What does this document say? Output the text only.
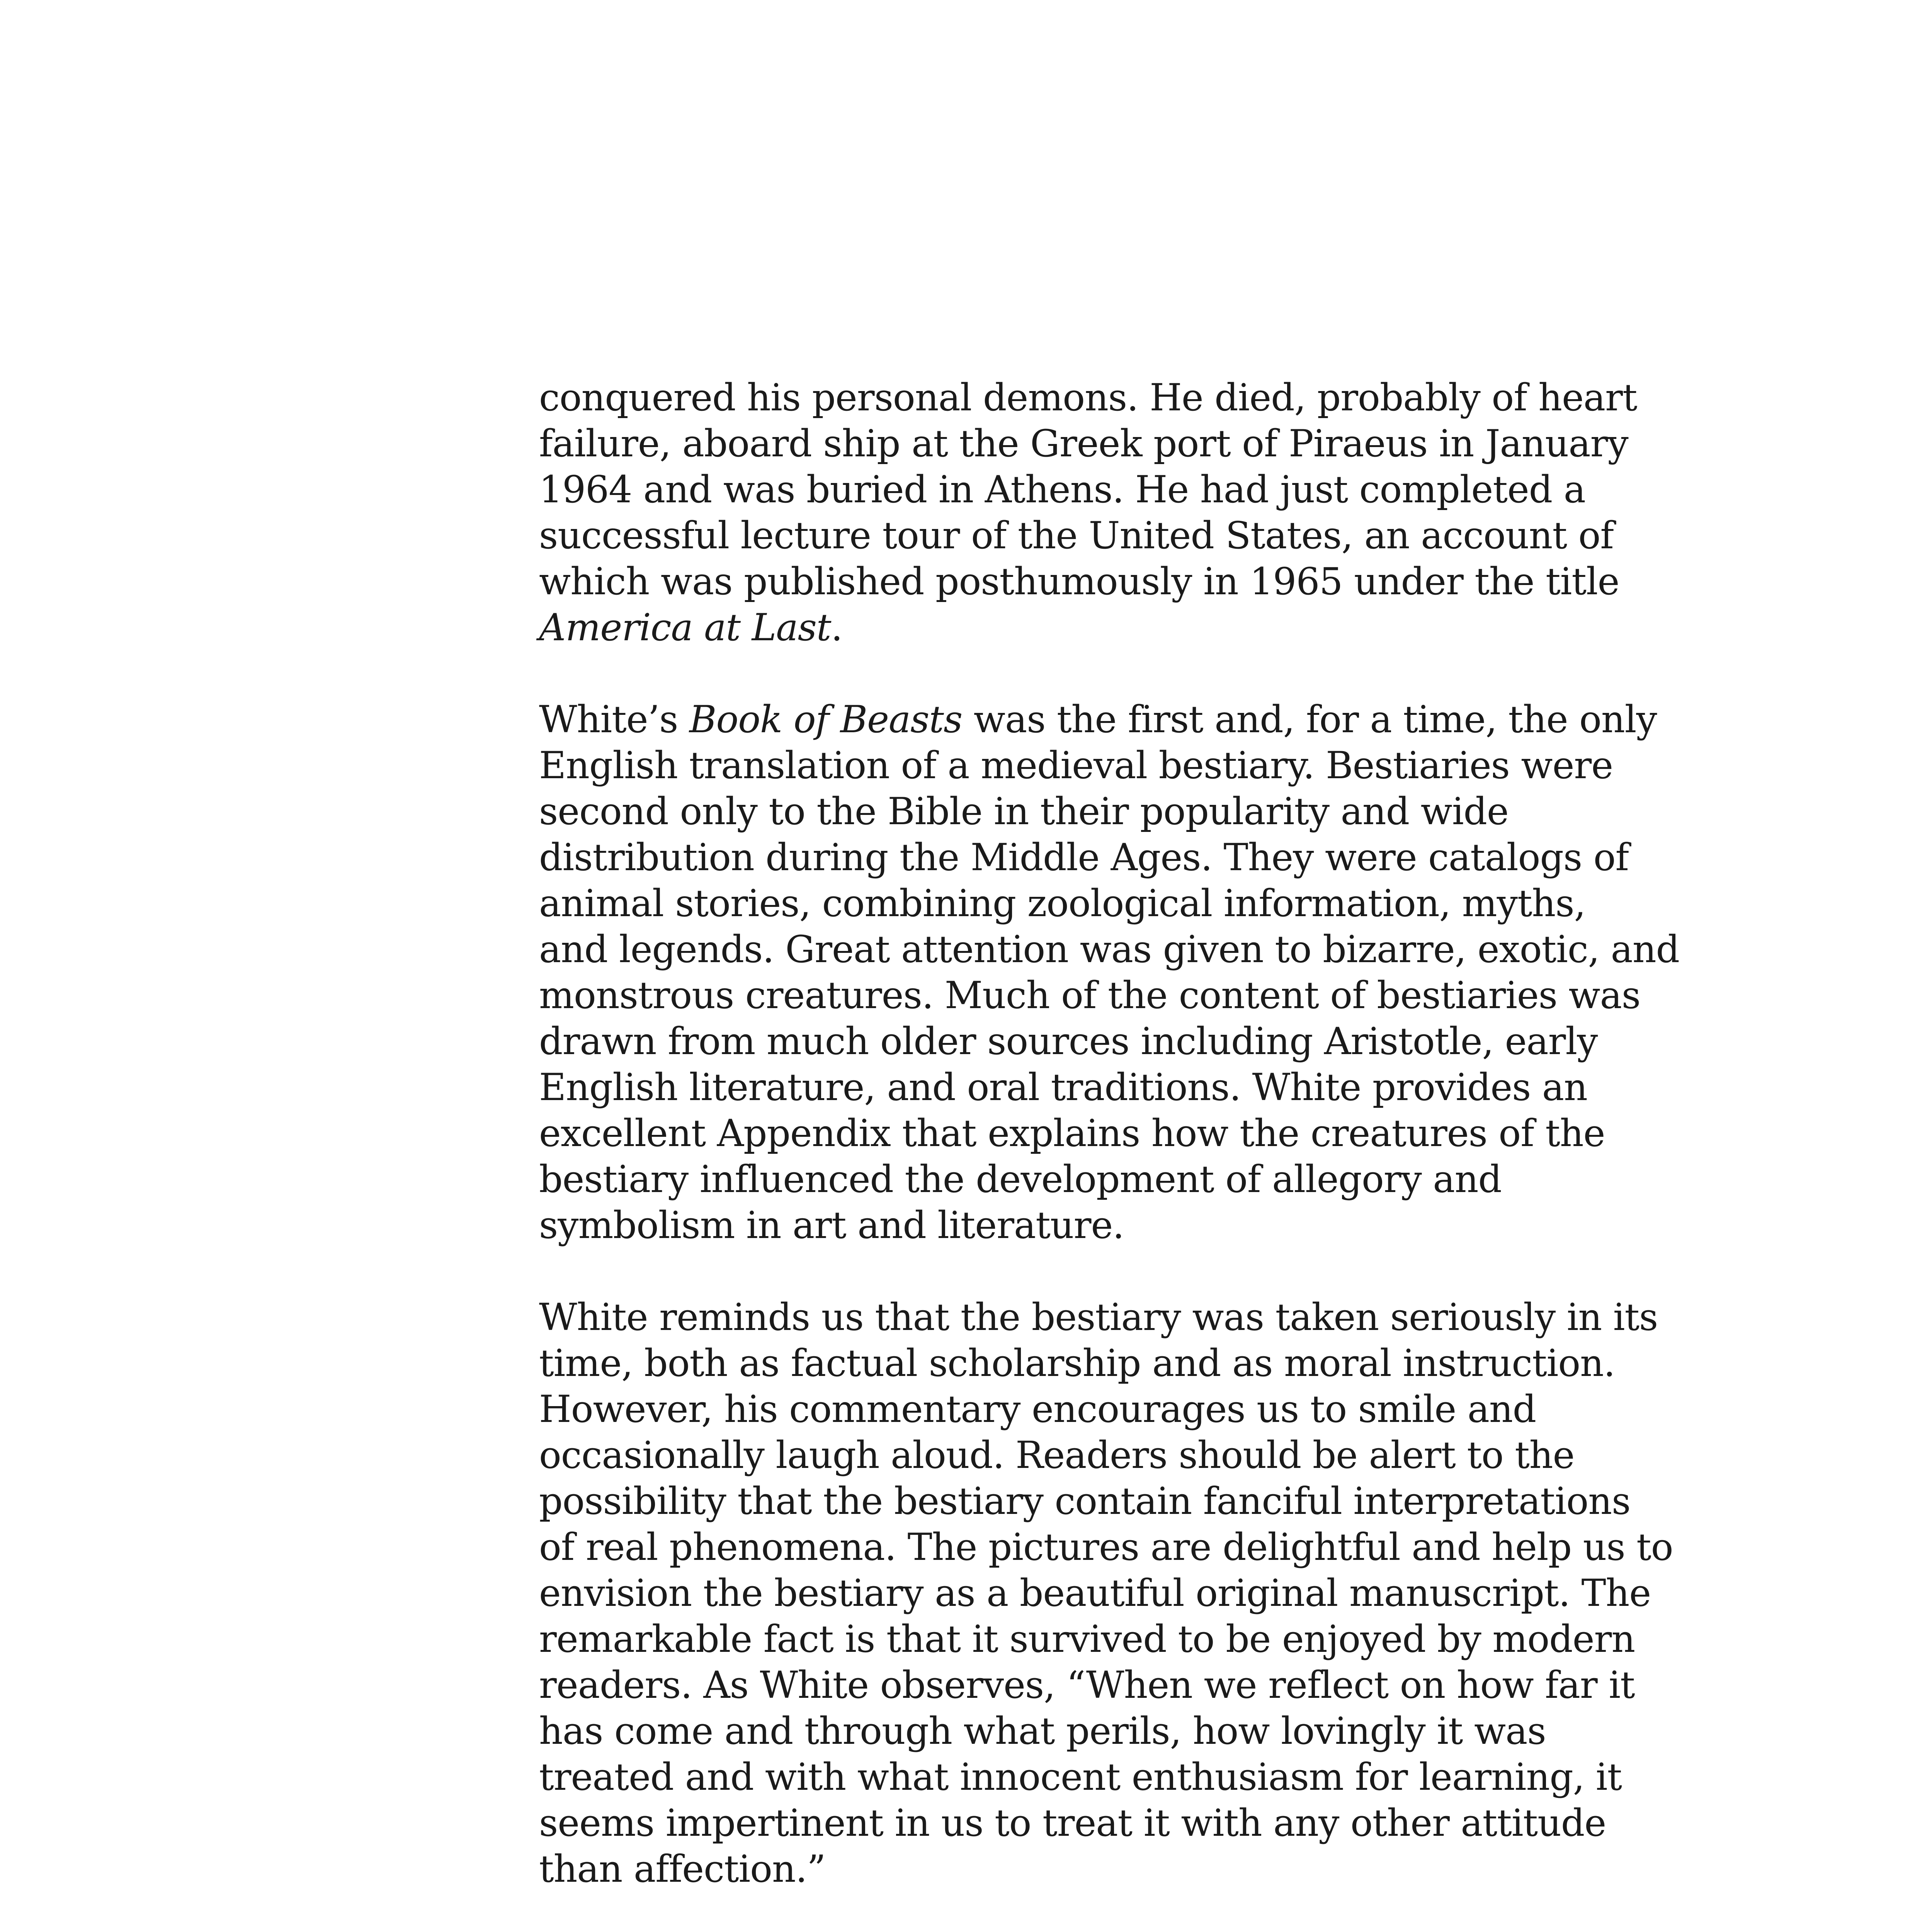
conquered his personal demons. He died, probably of heart
failure, aboard ship at the Greek port of Piraeus in January
1964 and was buried in Athens. He had just completed a
successful lecture tour of the United States, an account of
which was published posthumously in 1965 under the title
America at Last.
White’s Book of Beasts was the first and, for a time, the only
English translation of a medieval bestiary. Bestiaries were
second only to the Bible in their popularity and wide
distribution during the Middle Ages. They were catalogs of
animal stories, combining zoological information, myths,
and legends. Great attention was given to bizarre, exotic, and
monstrous creatures. Much of the content of bestiaries was
drawn from much older sources including Aristotle, early
English literature, and oral traditions. White provides an
excellent Appendix that explains how the creatures of the
bestiary influenced the development of allegory and
symbolism in art and literature.
White reminds us that the bestiary was taken seriously in its
time, both as factual scholarship and as moral instruction.
However, his commentary encourages us to smile and
occasionally laugh aloud. Readers should be alert to the
possibility that the bestiary contain fanciful interpretations
of real phenomena. The pictures are delightful and help us to
envision the bestiary as a beautiful original manuscript. The
remarkable fact is that it survived to be enjoyed by modern
readers. As White observes, “When we reflect on how far it
has come and through what perils, how lovingly it was
treated and with what innocent enthusiasm for learning, it
seems impertinent in us to treat it with any other attitude
than affection.”
